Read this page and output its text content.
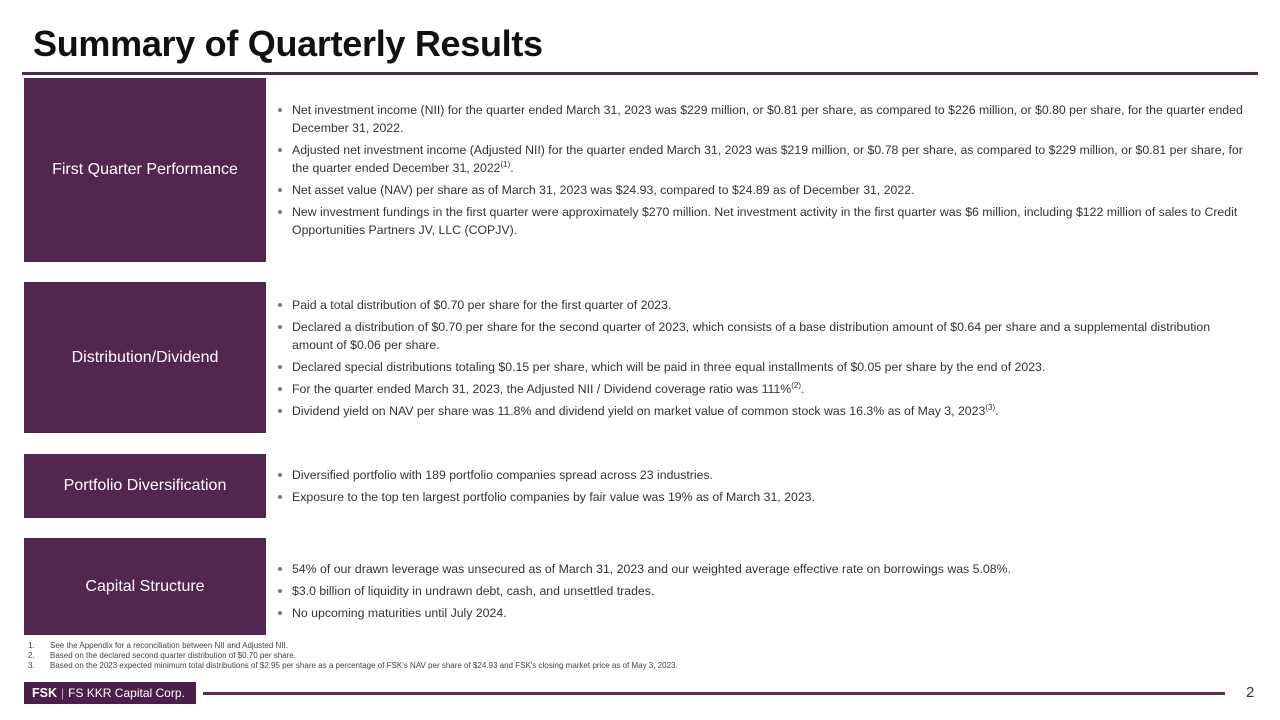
Summary of Quarterly Results
First Quarter Performance
Net investment income (NII) for the quarter ended March 31, 2023 was $229 million, or $0.81 per share, as compared to $226 million, or $0.80 per share, for the quarter ended December 31, 2022.
Adjusted net investment income (Adjusted NII) for the quarter ended March 31, 2023 was $219 million, or $0.78 per share, as compared to $229 million, or $0.81 per share, for the quarter ended December 31, 2022$^{(1)}$.
Net asset value (NAV) per share as of March 31, 2023 was $24.93, compared to $24.89 as of December 31, 2022.
New investment fundings in the first quarter were approximately $270 million. Net investment activity in the first quarter was $6 million, including $122 million of sales to Credit Opportunities Partners JV, LLC (COPJV).
Distribution/Dividend
Paid a total distribution of $0.70 per share for the first quarter of 2023.
Declared a distribution of $0.70 per share for the second quarter of 2023, which consists of a base distribution amount of $0.64 per share and a supplemental distribution amount of $0.06 per share.
Declared special distributions totaling $0.15 per share, which will be paid in three equal installments of $0.05 per share by the end of 2023.
For the quarter ended March 31, 2023, the Adjusted NII / Dividend coverage ratio was 111%$^{(2)}$.
Dividend yield on NAV per share was 11.8% and dividend yield on market value of common stock was 16.3% as of May 3, 2023$^{(3)}$.
Portfolio Diversification
Diversified portfolio with 189 portfolio companies spread across 23 industries.
Exposure to the top ten largest portfolio companies by fair value was 19% as of March 31, 2023.
Capital Structure
54% of our drawn leverage was unsecured as of March 31, 2023 and our weighted average effective rate on borrowings was 5.08%.
$3.0 billion of liquidity in undrawn debt, cash, and unsettled trades.
No upcoming maturities until July 2024.
1.	See the Appendix for a reconciliation between NII and Adjusted NII.
2.	Based on the declared second quarter distribution of $0.70 per share.
3.	Based on the 2023 expected minimum total distributions of $2.95 per share as a percentage of FSK's NAV per share of $24.93 and FSK's closing market price as of May 3, 2023.
FSK | FS KKR Capital Corp.	2
